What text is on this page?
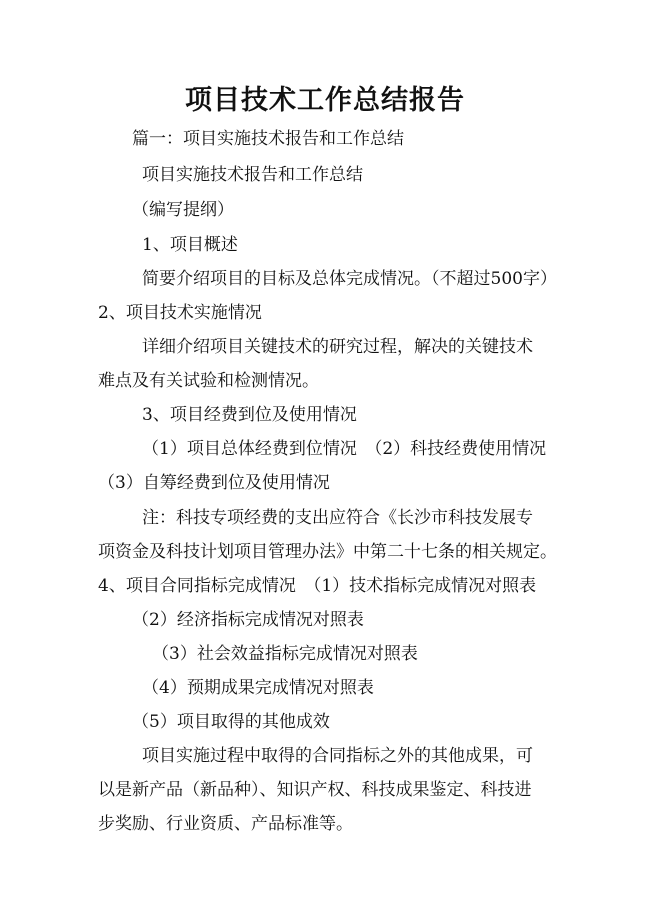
项目技术工作总结报告
篇一：项目实施技术报告和工作总结
项目实施技术报告和工作总结
（编写提纲）
1、项目概述
简要介绍项目的目标及总体完成情况。（不超过500字）
2、项目技术实施情况
详细介绍项目关键技术的研究过程，解决的关键技术
难点及有关试验和检测情况。
3、项目经费到位及使用情况
（1）项目总体经费到位情况　（2）科技经费使用情况
（3）自筹经费到位及使用情况
注：科技专项经费的支出应符合《长沙市科技发展专
项资金及科技计划项目管理办法》中第二十七条的相关规定。
4、项目合同指标完成情况　（1）技术指标完成情况对照表
（2）经济指标完成情况对照表
（3）社会效益指标完成情况对照表
（4）预期成果完成情况对照表
（5）项目取得的其他成效
项目实施过程中取得的合同指标之外的其他成果，可
以是新产品（新品种）、知识产权、科技成果鉴定、科技进
步奖励、行业资质、产品标准等。
